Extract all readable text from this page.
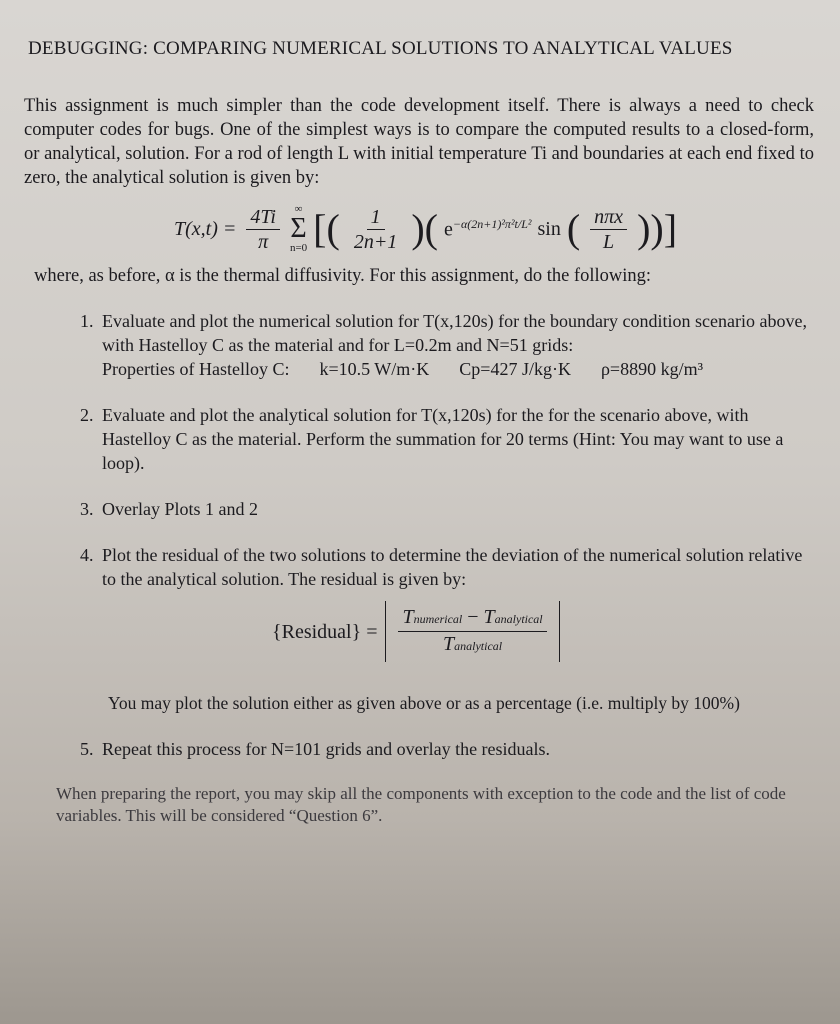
DEBUGGING: COMPARING NUMERICAL SOLUTIONS TO ANALYTICAL VALUES

This assignment is much simpler than the code development itself. There is always a need to check computer codes for bugs. One of the simplest ways is to compare the computed results to a closed-form, or analytical, solution. For a rod of length L with initial temperature Ti and boundaries at each end fixed to zero, the analytical solution is given by:

$T(x,t) = \frac{4Ti}{\pi}$ ∞
Σ
n=0 [( $\frac{1}{2n+1}$ )( $e^{-\alpha(2n+1)^2\pi^2t/L^2}$ sin ( $\frac{\text{nπx}}{L}$ ))]
where, as before, α is the thermal diffusivity. For this assignment, do the following:
1. Evaluate and plot the numerical solution for T(x,120s) for the boundary condition scenario above, with Hastelloy C as the material and for L=0.2m and N=51 grids:

Properties of Hastelloy C: k=10.5 W/m·K Cp=427 J/kg·K ρ=8890 kg/m³
2. Evaluate and plot the analytical solution for T(x,120s) for the for the scenario above, with Hastelloy C as the material. Perform the summation for 20 terms (Hint: You may want to use a loop).
3. Overlay Plots 1 and 2
4. Plot the residual of the two solutions to determine the deviation of the numerical solution relative to the analytical solution. The residual is given by:
{Residual} = $\frac{\text{Tnumerical − Tanalytical}}{\text{Tanalytical}}$
You may plot the solution either as given above or as a percentage (i.e. multiply by 100%)
5. Repeat this process for N=101 grids and overlay the residuals.
When preparing the report, you may skip all the components with exception to the code and the list of code variables. This will be considered “Question 6”.
